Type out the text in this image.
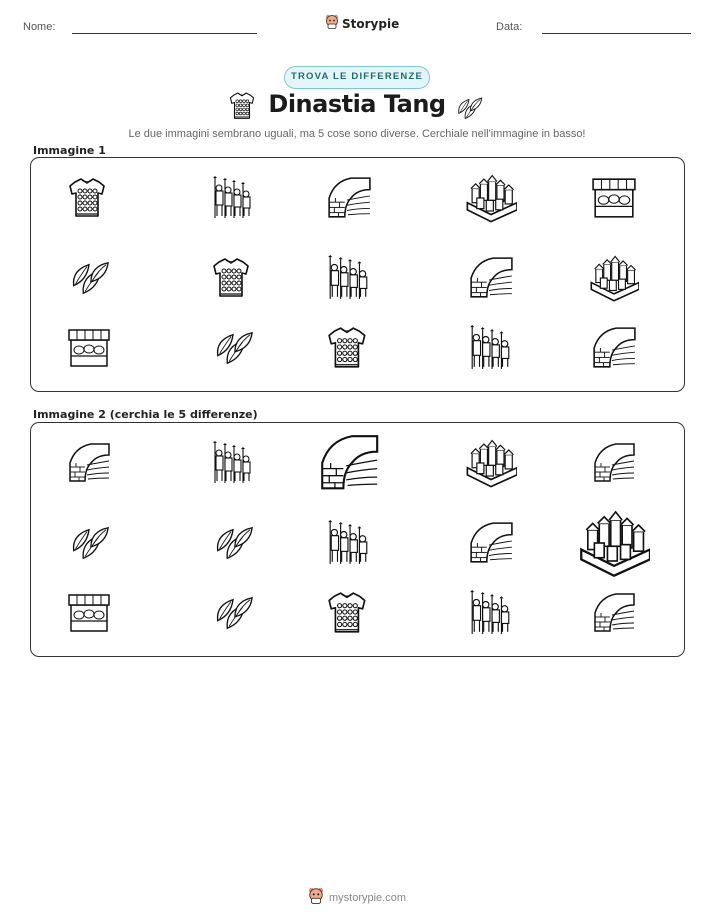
Nome:	Storypie	Data:
TROVA LE DIFFERENZE
Dinastia Tang
Le due immagini sembrano uguali, ma 5 cose sono diverse. Cerchiale nell'immagine in basso!
Immagine 1
Immagine 2 (cerchia le 5 differenze)
mystorypie.com
